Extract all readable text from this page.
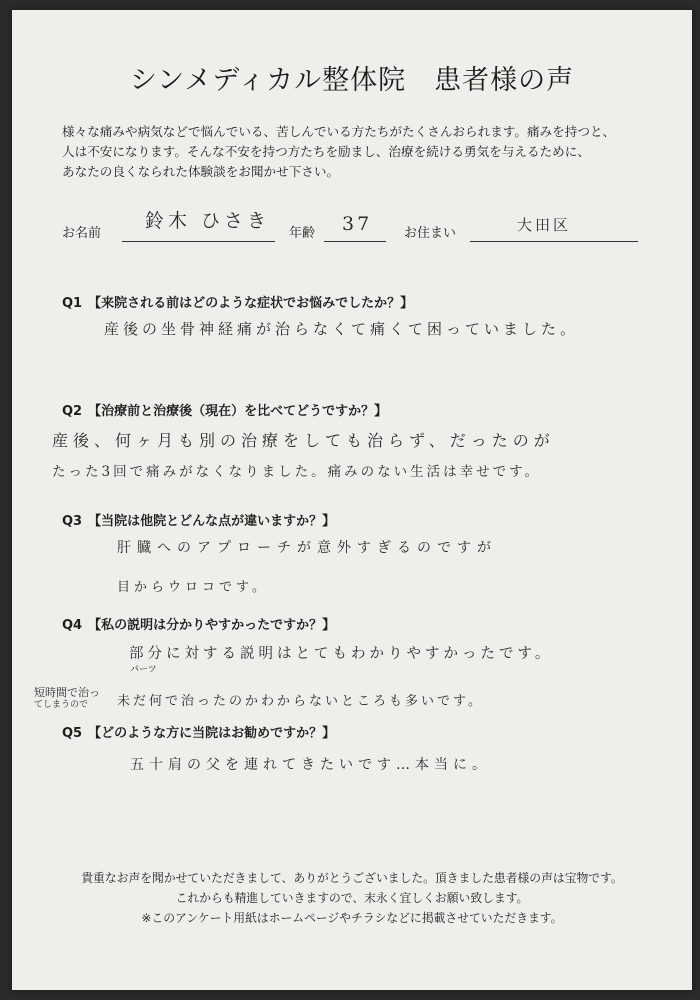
シンメディカル整体院　患者様の声
様々な痛みや病気などで悩んでいる、苦しんでいる方たちがたくさんおられます。痛みを持つと、
人は不安になります。そんな不安を持つ方たちを励まし、治療を続ける勇気を与えるために、
あなたの良くなられた体験談をお聞かせ下さい。
お名前
鈴木 ひさき
年齢 37 お住まい	大田区
Q1 【来院される前はどのような症状でお悩みでしたか？】
産後の坐骨神経痛が治らなくて痛くて困っていました。
Q2 【治療前と治療後（現在）を比べてどうですか？】
産後、何ヶ月も別の治療をしても治らず、だったのが
たった3回で痛みがなくなりました。痛みのない生活は幸せです。
Q3 【当院は他院とどんな点が違いますか？】
肝臓へのアプローチが意外すぎるのですが
目からウロコです。
Q4 【私の説明は分かりやすかったですか？】
部分に対する説明はとてもわかりやすかったです。
パーツ
短時間で治っ
てしまうので	未だ何で治ったのかわからないところも多いです。
Q5 【どのような方に当院はお勧めですか？】
五十肩の父を連れてきたいです…本当に。
貴重なお声を聞かせていただきまして、ありがとうございました。頂きました患者様の声は宝物です。
これからも精進していきますので、末永く宜しくお願い致します。
※このアンケート用紙はホームページやチラシなどに掲載させていただきます。
